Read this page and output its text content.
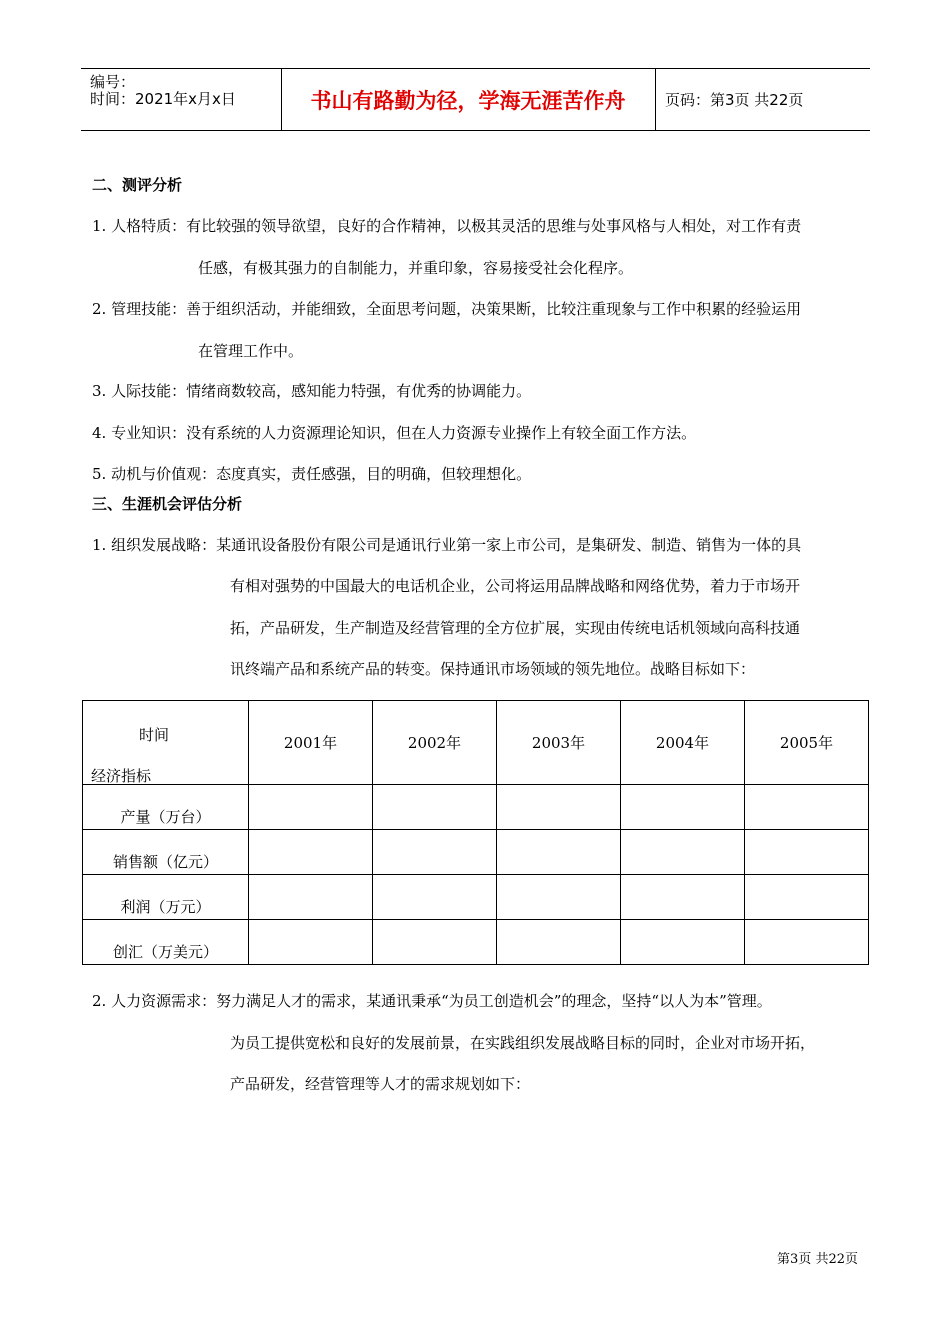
编号：
时间：2021年x月x日	书山有路勤为径，学海无涯苦作舟	页码：第3页 共22页
二、测评分析
1. 人格特质：有比较强的领导欲望，良好的合作精神，以极其灵活的思维与处事风格与人相处，对工作有责
任感，有极其强力的自制能力，并重印象，容易接受社会化程序。
2. 管理技能：善于组织活动，并能细致，全面思考问题，决策果断，比较注重现象与工作中积累的经验运用
在管理工作中。
3. 人际技能：情绪商数较高，感知能力特强，有优秀的协调能力。
4. 专业知识：没有系统的人力资源理论知识，但在人力资源专业操作上有较全面工作方法。
5. 动机与价值观：态度真实，责任感强，目的明确，但较理想化。
三、生涯机会评估分析
1. 组织发展战略：某通讯设备股份有限公司是通讯行业第一家上市公司，是集研发、制造、销售为一体的具
有相对强势的中国最大的电话机企业，公司将运用品牌战略和网络优势，着力于市场开
拓，产品研发，生产制造及经营管理的全方位扩展，实现由传统电话机领域向高科技通
讯终端产品和系统产品的转变。保持通讯市场领域的领先地位。战略目标如下：
时间
经济指标	2001年	2002年	2003年	2004年	2005年
产量（万台）					
销售额（亿元）					
利润（万元）					
创汇（万美元）					
2. 人力资源需求：努力满足人才的需求，某通讯秉承“为员工创造机会”的理念，坚持“以人为本”管理。
为员工提供宽松和良好的发展前景，在实践组织发展战略目标的同时，企业对市场开拓，
产品研发，经营管理等人才的需求规划如下：
第3页 共22页
